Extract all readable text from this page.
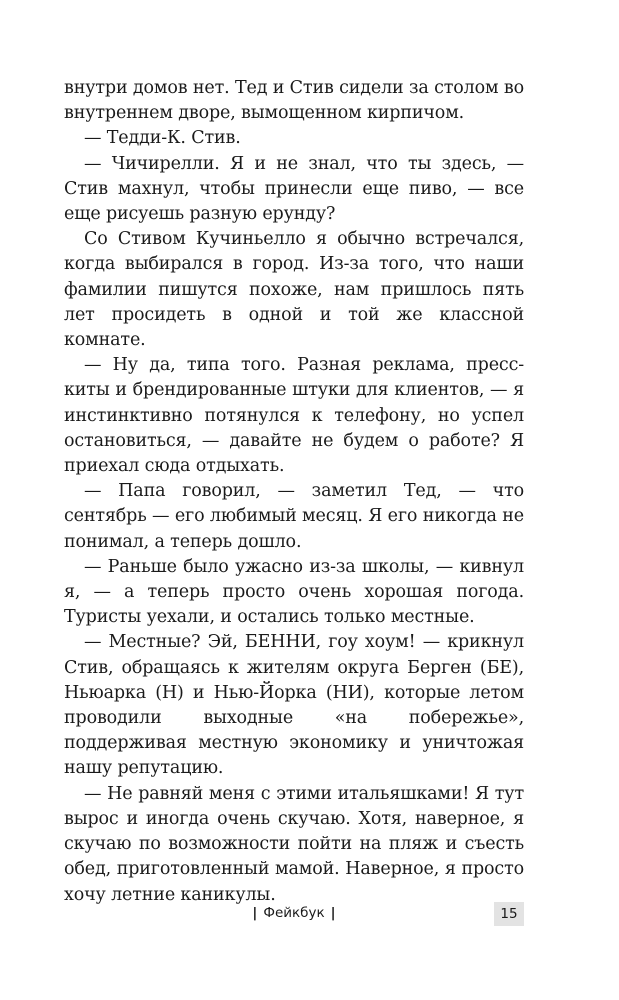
внутри домов нет. Тед и Стив сидели за столом во внутреннем дворе, вымощенном кирпичом.

— Тедди-К. Стив.

— Чичирелли. Я и не знал, что ты здесь, — Стив махнул, чтобы принесли еще пиво, — все еще рисуешь разную ерунду?

Со Стивом Кучиньелло я обычно встречался, когда выбирался в город. Из-за того, что наши фамилии пишутся похоже, нам пришлось пять лет просидеть в одной и той же классной комнате.

— Ну да, типа того. Разная реклама, пресс-киты и брендированные штуки для клиентов, — я инстинктивно потянулся к телефону, но успел остановиться, — давайте не будем о работе? Я приехал сюда отдыхать.

— Папа говорил, — заметил Тед, — что сентябрь — его любимый месяц. Я его никогда не понимал, а теперь дошло.

— Раньше было ужасно из-за школы, — кивнул я, — а теперь просто очень хорошая погода. Туристы уехали, и остались только местные.

— Местные? Эй, БЕННИ, гоу хоум! — крикнул Стив, обращаясь к жителям округа Берген (БЕ), Ньюарка (Н) и Нью-Йорка (НИ), которые летом проводили выходные «на побережье», поддерживая местную экономику и уничтожая нашу репутацию.

— Не равняй меня с этими итальяшками! Я тут вырос и иногда очень скучаю. Хотя, наверное, я скучаю по возможности пойти на пляж и съесть обед, приготовленный мамой. Наверное, я просто хочу летние каникулы.

| Фейкбук |	15
